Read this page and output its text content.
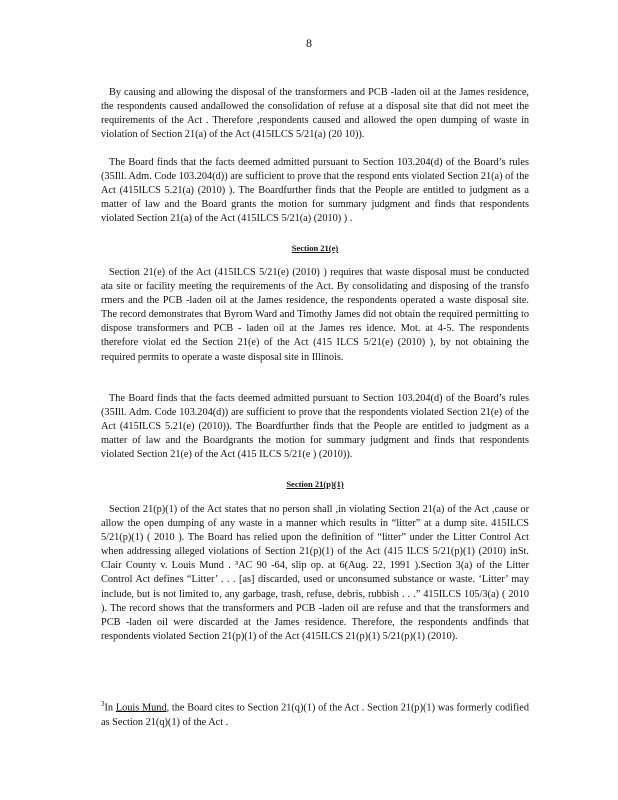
8

By causing and allowing the disposal of the transformers and PCB -laden oil at the James residence, the respondents caused andallowed the consolidation of refuse at a disposal site that did not meet the requirements of the Act . Therefore ,respondents caused and allowed the open dumping of waste in violation of Section 21(a) of the Act (415ILCS 5/21(a) (20 10)).

The Board finds that the facts deemed admitted pursuant to Section 103.204(d) of the Board’s rules (35Ill. Adm. Code 103.204(d)) are sufficient to prove that the respond ents violated Section 21(a) of the Act (415ILCS 5.21(a) (2010) ). The Boardfurther finds that the People are entitled to judgment as a matter of law and the Board grants the motion for summary judgment and finds that respondents violated Section 21(a) of the Act (415ILCS 5/21(a) (2010) ) .

Section 21(e)

Section 21(e) of the Act (415ILCS 5/21(e) (2010) ) requires that waste disposal must be conducted ata site or facility meeting the requirements of the Act. By consolidating and disposing of the transfo rmers and the PCB -laden oil at the James residence, the respondents operated a waste disposal site. The record demonstrates that Byrom Ward and Timothy James did not obtain the required permitting to dispose transformers and PCB - laden oil at the James res idence. Mot. at 4-5. The respondents therefore violat ed the Section 21(e) of the Act (415 ILCS 5/21(e) (2010) ), by not obtaining the required permits to operate a waste disposal site in Illinois.

The Board finds that the facts deemed admitted pursuant to Section 103.204(d) of the Board’s rules (35Ill. Adm. Code 103.204(d)) are sufficient to prove that the respondents violated Section 21(e) of the Act (415ILCS 5.21(e) (2010)). The Boardfurther finds that the People are entitled to judgment as a matter of law and the Boardgrants the motion for summary judgment and finds that respondents violated Section 21(e) of the Act (415 ILCS 5/21(e ) (2010)).

Section 21(p)(1)

Section 21(p)(1) of the Act states that no person shall ,in violating Section 21(a) of the Act ,cause or allow the open dumping of any waste in a manner which results in “litter” at a dump site. 415ILCS 5/21(p)(1) ( 2010 ). The Board has relied upon the definition of “litter” under the Litter Control Act when addressing alleged violations of Section 21(p)(1) of the Act (415 ILCS 5/21(p)(1) (2010) inSt. Clair County v. Louis Mund . ³AC 90 -64, slip op. at 6(Aug. 22, 1991 ).Section 3(a) of the Litter Control Act defines “Litter’ . . . [as] discarded, used or unconsumed substance or waste. ‘Litter’ may include, but is not limited to, any garbage, trash, refuse, debris, rubbish . . .” 415ILCS 105/3(a) ( 2010 ). The record shows that the transformers and PCB -laden oil are refuse and that the transformers and PCB -laden oil were discarded at the James residence. Therefore, the respondents andfinds that respondents violated Section 21(p)(1) of the Act (415ILCS 21(p)(1) 5/21(p)(1) (2010).

$^3$In Louis Mund, the Board cites to Section 21(q)(1) of the Act . Section 21(p)(1) was formerly codified as Section 21(q)(1) of the Act .
